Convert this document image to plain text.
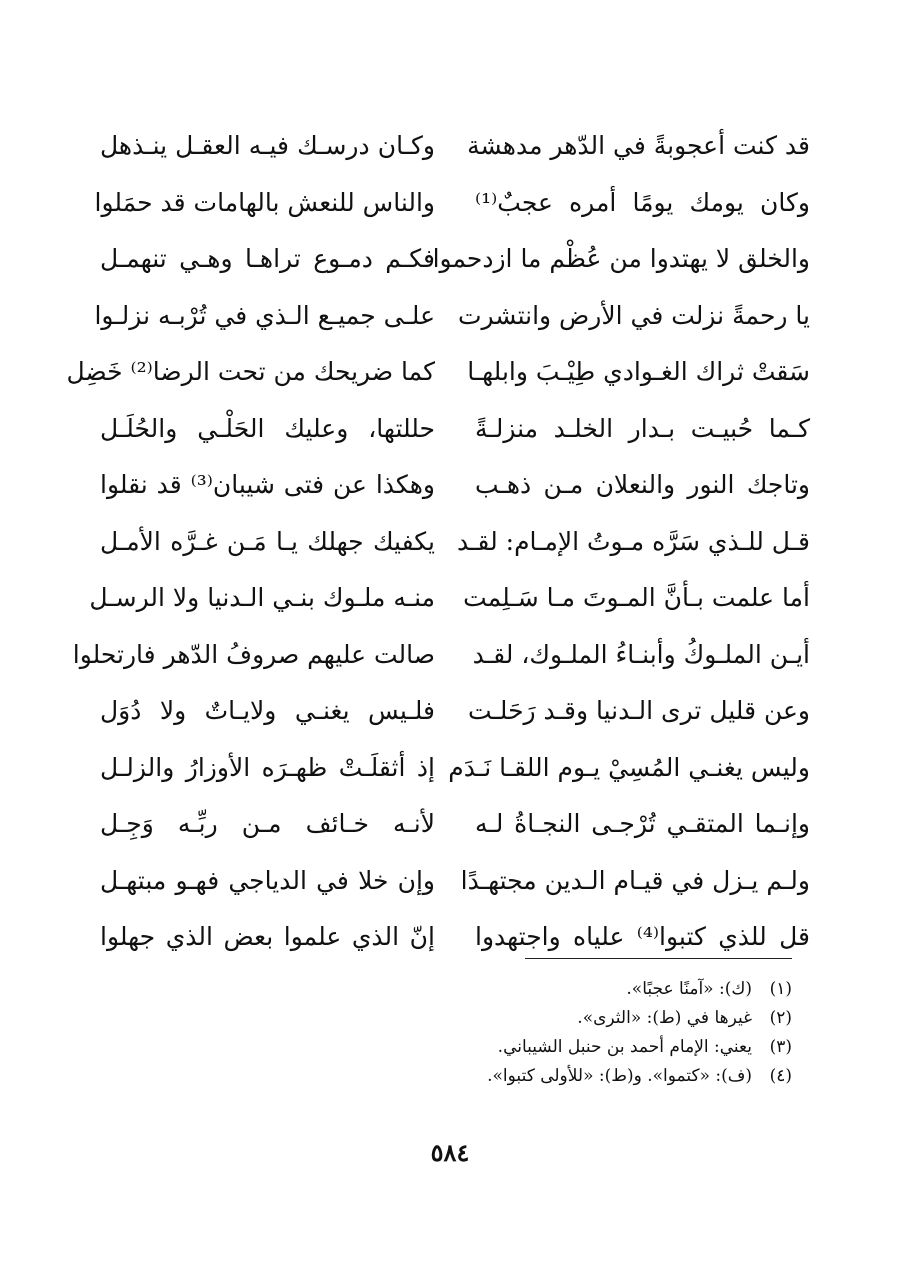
قد كنت أعجوبةً في الدّهر مدهشة
وكـان درسـك فيـه العقـل ينـذهل
وكان يومك يومًا أمره عجبٌ⁽¹⁾
والناس للنعش بالهامات قد حمَلوا
والخلق لا يهتدوا من عُظْم ما ازدحموا
فكـم دمـوع تراهـا وهـي تنهمـل
يا رحمةً نزلت في الأرض وانتشرت
علـى جميـع الـذي في تُرْبـه نزلـوا
سَقتْ ثراك الغـوادي طِيْـبَ وابلهـا
كما ضريحك من تحت الرضا⁽²⁾ خَضِل
كـما حُبيـت بـدار الخلـد منزلـةً
حللتها، وعليك الحَلْـي والحُلَـل
وتاجك النور والنعلان مـن ذهـب
وهكذا عن فتى شيبان⁽³⁾ قد نقلوا
قـل للـذي سَرَّه مـوتُ الإمـام: لقـد
يكفيك جهلك يـا مَـن غـرَّه الأمـل
أما علمت بـأنَّ المـوتَ مـا سَـلِمت
منـه ملـوك بنـي الـدنيا ولا الرسـل
أيـن الملـوكُ وأبنـاءُ الملـوك، لقـد
صالت عليهم صروفُ الدّهر فارتحلوا
وعن قليل ترى الـدنيا وقـد رَحَلـت
فلـيس يغنـي ولايـاتٌ ولا دُوَل
وليس يغنـي المُسِيْ يـوم اللقـا نَـدَم
إذ أثقلَـتْ ظهـرَه الأوزارُ والزلـل
وإنـما المتقـي تُرْجـى النجـاةُ لـه
لأنـه خـائف مـن ربِّـه وَجِـل
ولـم يـزل في قيـام الـدين مجتهـدًا
وإن خلا في الدياجي فهـو مبتهـل
قل للذي كتبوا⁽⁴⁾ علياه واجتهدوا
إنّ الذي علموا بعض الذي جهلوا
(١)
(ك): «آمنًا عجبًا».
(٢)
غيرها في (ط): «الثرى».
(٣)
يعني: الإمام أحمد بن حنبل الشيباني.
(٤)
(ف): «كتموا». و(ط): «للأولى كتبوا».
٥٨٤
